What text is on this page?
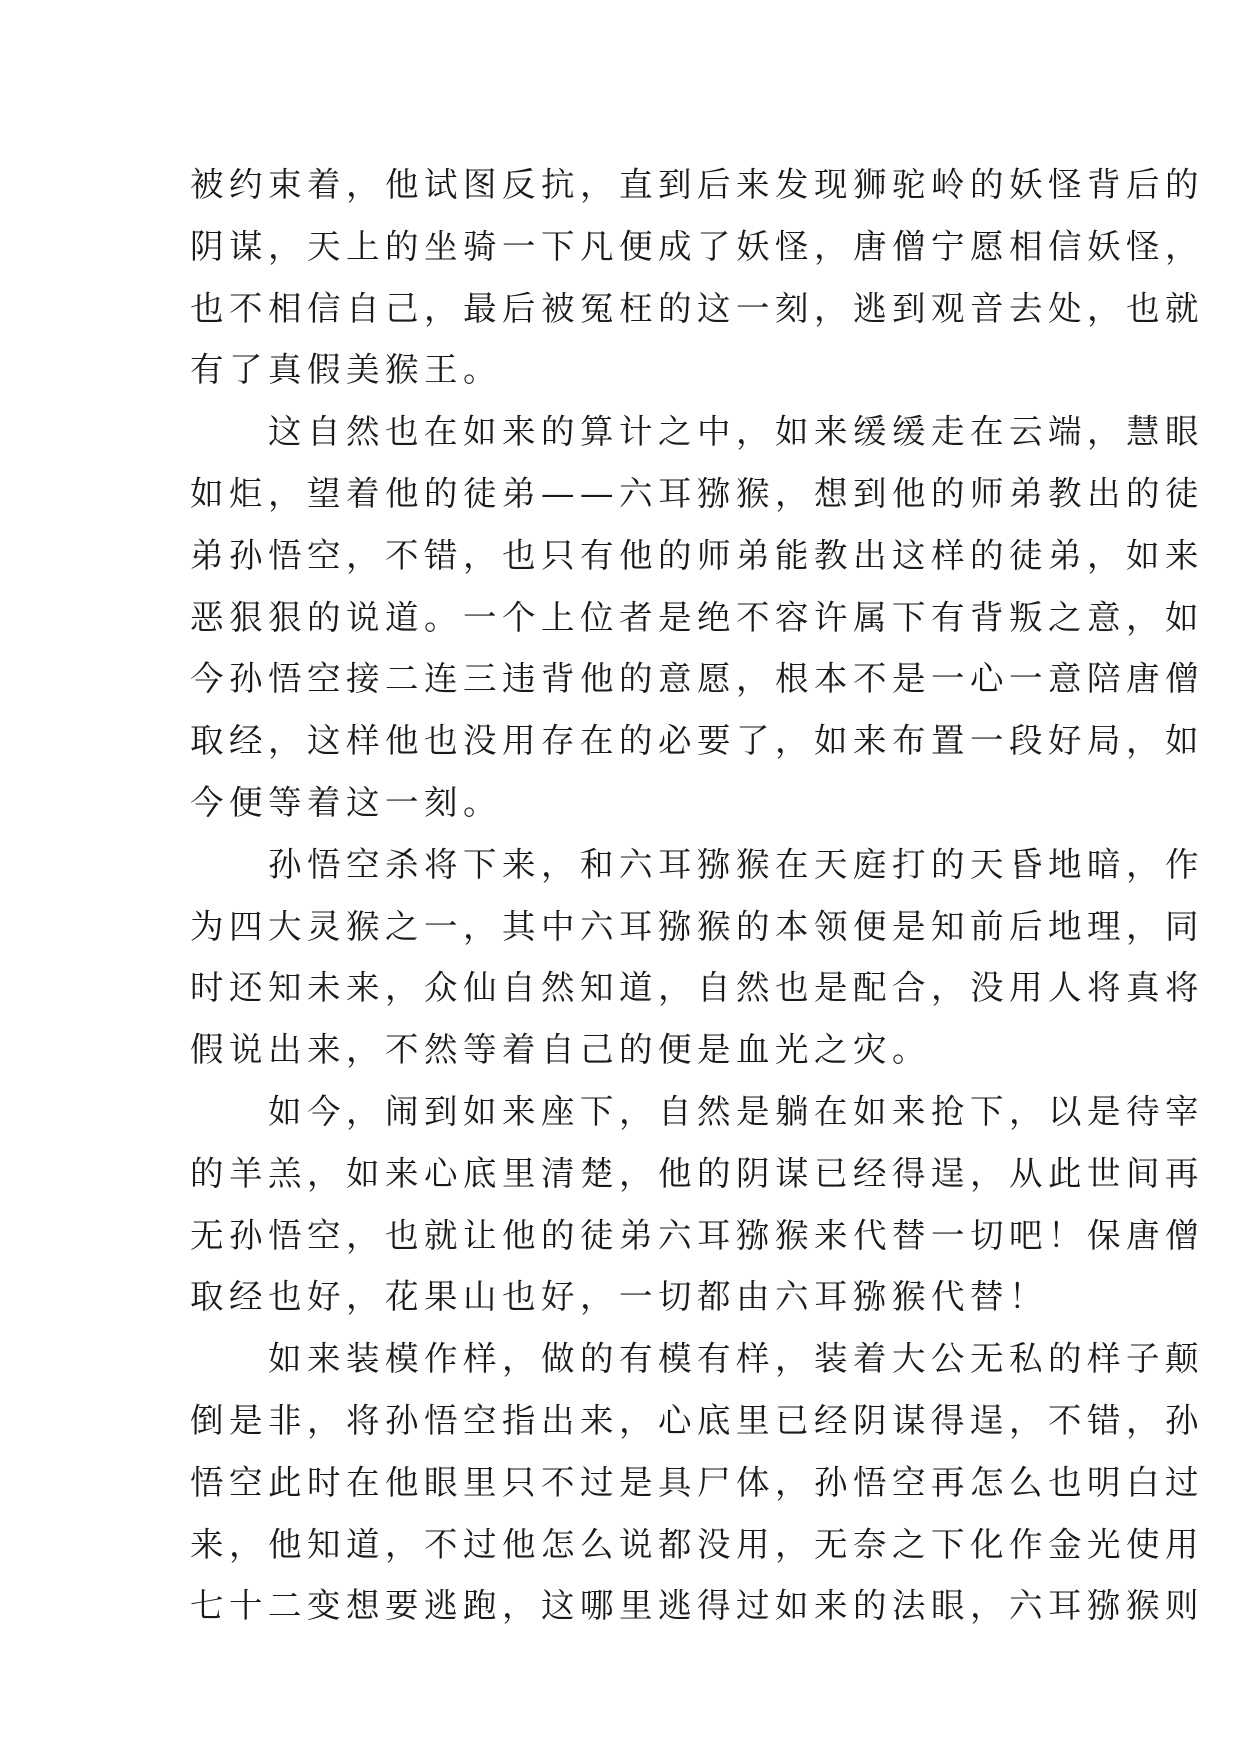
被约束着，他试图反抗，直到后来发现狮驼岭的妖怪背后的
阴谋，天上的坐骑一下凡便成了妖怪，唐僧宁愿相信妖怪，
也不相信自己，最后被冤枉的这一刻，逃到观音去处，也就
有了真假美猴王。
这自然也在如来的算计之中，如来缓缓走在云端，慧眼
如炬，望着他的徒弟——六耳猕猴，想到他的师弟教出的徒
弟孙悟空，不错，也只有他的师弟能教出这样的徒弟，如来
恶狠狠的说道。一个上位者是绝不容许属下有背叛之意，如
今孙悟空接二连三违背他的意愿，根本不是一心一意陪唐僧
取经，这样他也没用存在的必要了，如来布置一段好局，如
今便等着这一刻。
孙悟空杀将下来，和六耳猕猴在天庭打的天昏地暗，作
为四大灵猴之一，其中六耳猕猴的本领便是知前后地理，同
时还知未来，众仙自然知道，自然也是配合，没用人将真将
假说出来，不然等着自己的便是血光之灾。
如今，闹到如来座下，自然是躺在如来抢下，以是待宰
的羊羔，如来心底里清楚，他的阴谋已经得逞，从此世间再
无孙悟空，也就让他的徒弟六耳猕猴来代替一切吧！保唐僧
取经也好，花果山也好，一切都由六耳猕猴代替！
如来装模作样，做的有模有样，装着大公无私的样子颠
倒是非，将孙悟空指出来，心底里已经阴谋得逞，不错，孙
悟空此时在他眼里只不过是具尸体，孙悟空再怎么也明白过
来，他知道，不过他怎么说都没用，无奈之下化作金光使用
七十二变想要逃跑，这哪里逃得过如来的法眼，六耳猕猴则
